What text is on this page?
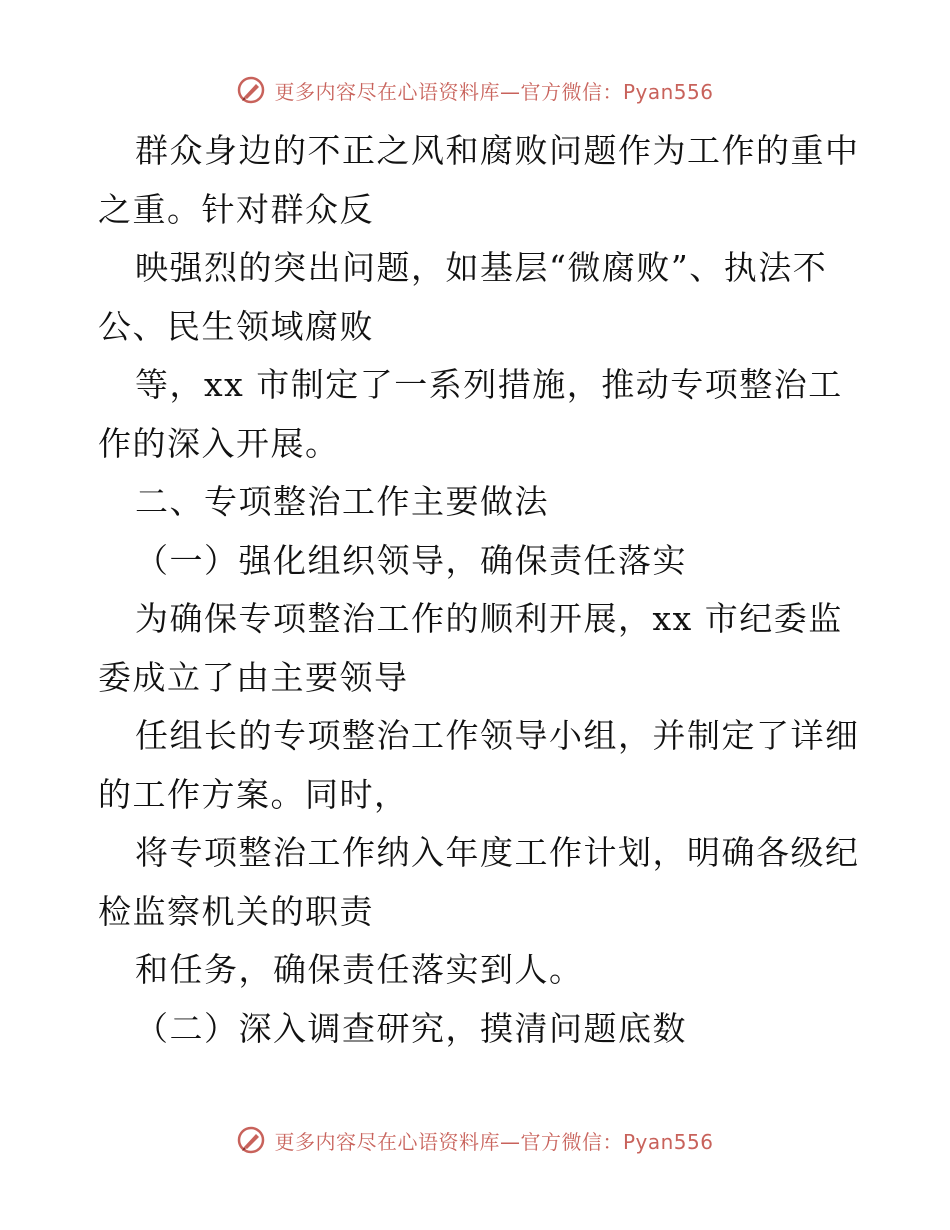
更多内容尽在心语资料库—官方微信：Pyan556
群众身边的不正之风和腐败问题作为工作的重中
之重。针对群众反
映强烈的突出问题，如基层“微腐败”、执法不
公、民生领域腐败
等，xx 市制定了一系列措施，推动专项整治工
作的深入开展。
二、专项整治工作主要做法
（一）强化组织领导，确保责任落实
为确保专项整治工作的顺利开展，xx 市纪委监
委成立了由主要领导
任组长的专项整治工作领导小组，并制定了详细
的工作方案。同时，
将专项整治工作纳入年度工作计划，明确各级纪
检监察机关的职责
和任务，确保责任落实到人。
（二）深入调查研究，摸清问题底数
更多内容尽在心语资料库—官方微信：Pyan556
